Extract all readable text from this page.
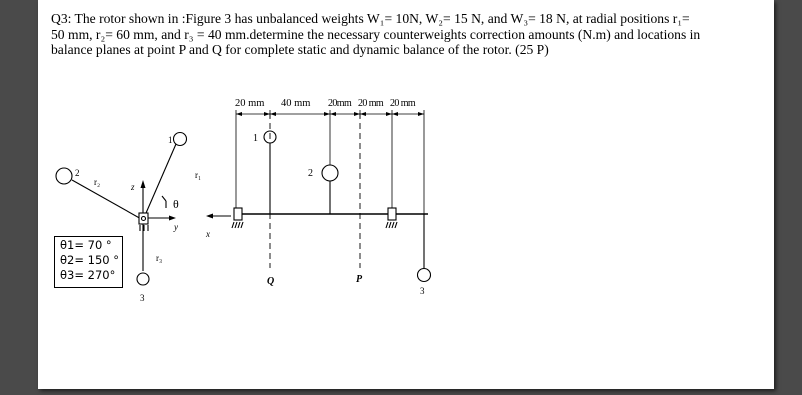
Q3: The rotor shown in :Figure 3 has unbalanced weights W₁= 10N, W₂= 15 N, and W₃= 18 N, at radial positions r₁=
50 mm, r₂= 60 mm, and r₃ = 40 mm.determine the necessary counterweights correction amounts (N.m) and locations in
balance planes at point P and Q for complete static and dynamic balance of the rotor. (25 P)

2
r₂
1
r₁
3
r₃
z
y
x
θ
20 mm 40 mm 20mm 20 mm 20 mm
1
2
3
Q	P
θ1= 70 °
θ2= 150 °
θ3= 270°
